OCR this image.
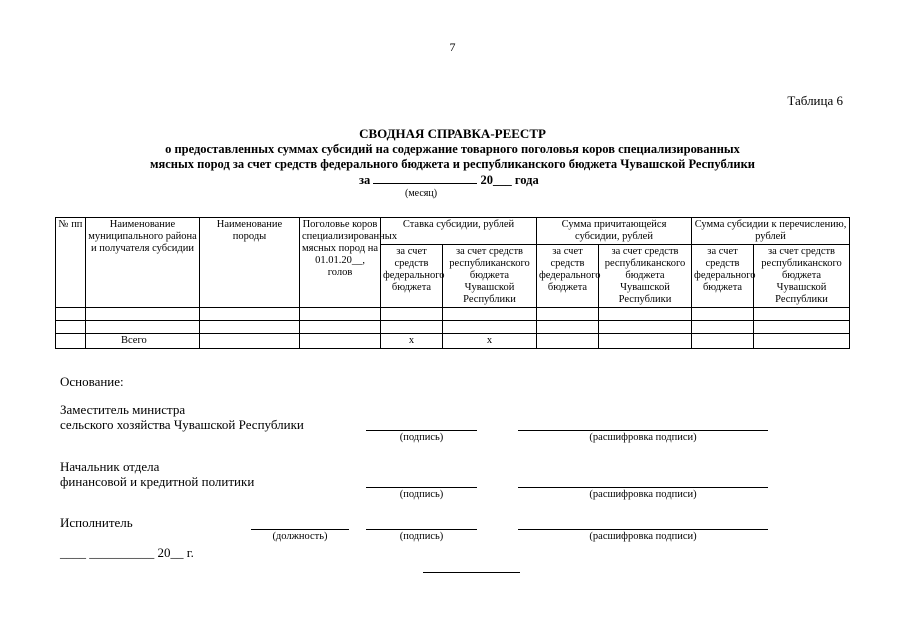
7
Таблица 6
СВОДНАЯ СПРАВКА-РЕЕСТР
о предоставленных суммах субсидий на содержание товарного поголовья коров специализированных
мясных пород за счет средств федерального бюджета и республиканского бюджета Чувашской Республики
за	20___ года
(месяц)
№ пп	Наименование муниципального района и получателя субсидии	Наименование породы	Поголовье коров специализированных мясных пород на 01.01.20__, голов	Ставка субсидии, рублей		Сумма причитающейся субсидии, рублей		Сумма субсидии к перечислению, рублей	
				за счет средств федерального бюджета	за счет средств республиканского бюджета Чувашской Республики	за счет средств федерального бюджета	за счет средств республиканского бюджета Чувашской Республики	за счет средств федерального бюджета	за счет средств республиканского бюджета Чувашской Республики

	Всего			х	х				
Основание:
Заместитель министра
сельского хозяйства Чувашской Республики
(подпись)	(расшифровка подписи)
Начальник отдела
финансовой и кредитной политики
(подпись)	(расшифровка подписи)
Исполнитель
(должность)	(подпись)	(расшифровка подписи)
____ __________ 20__ г.
